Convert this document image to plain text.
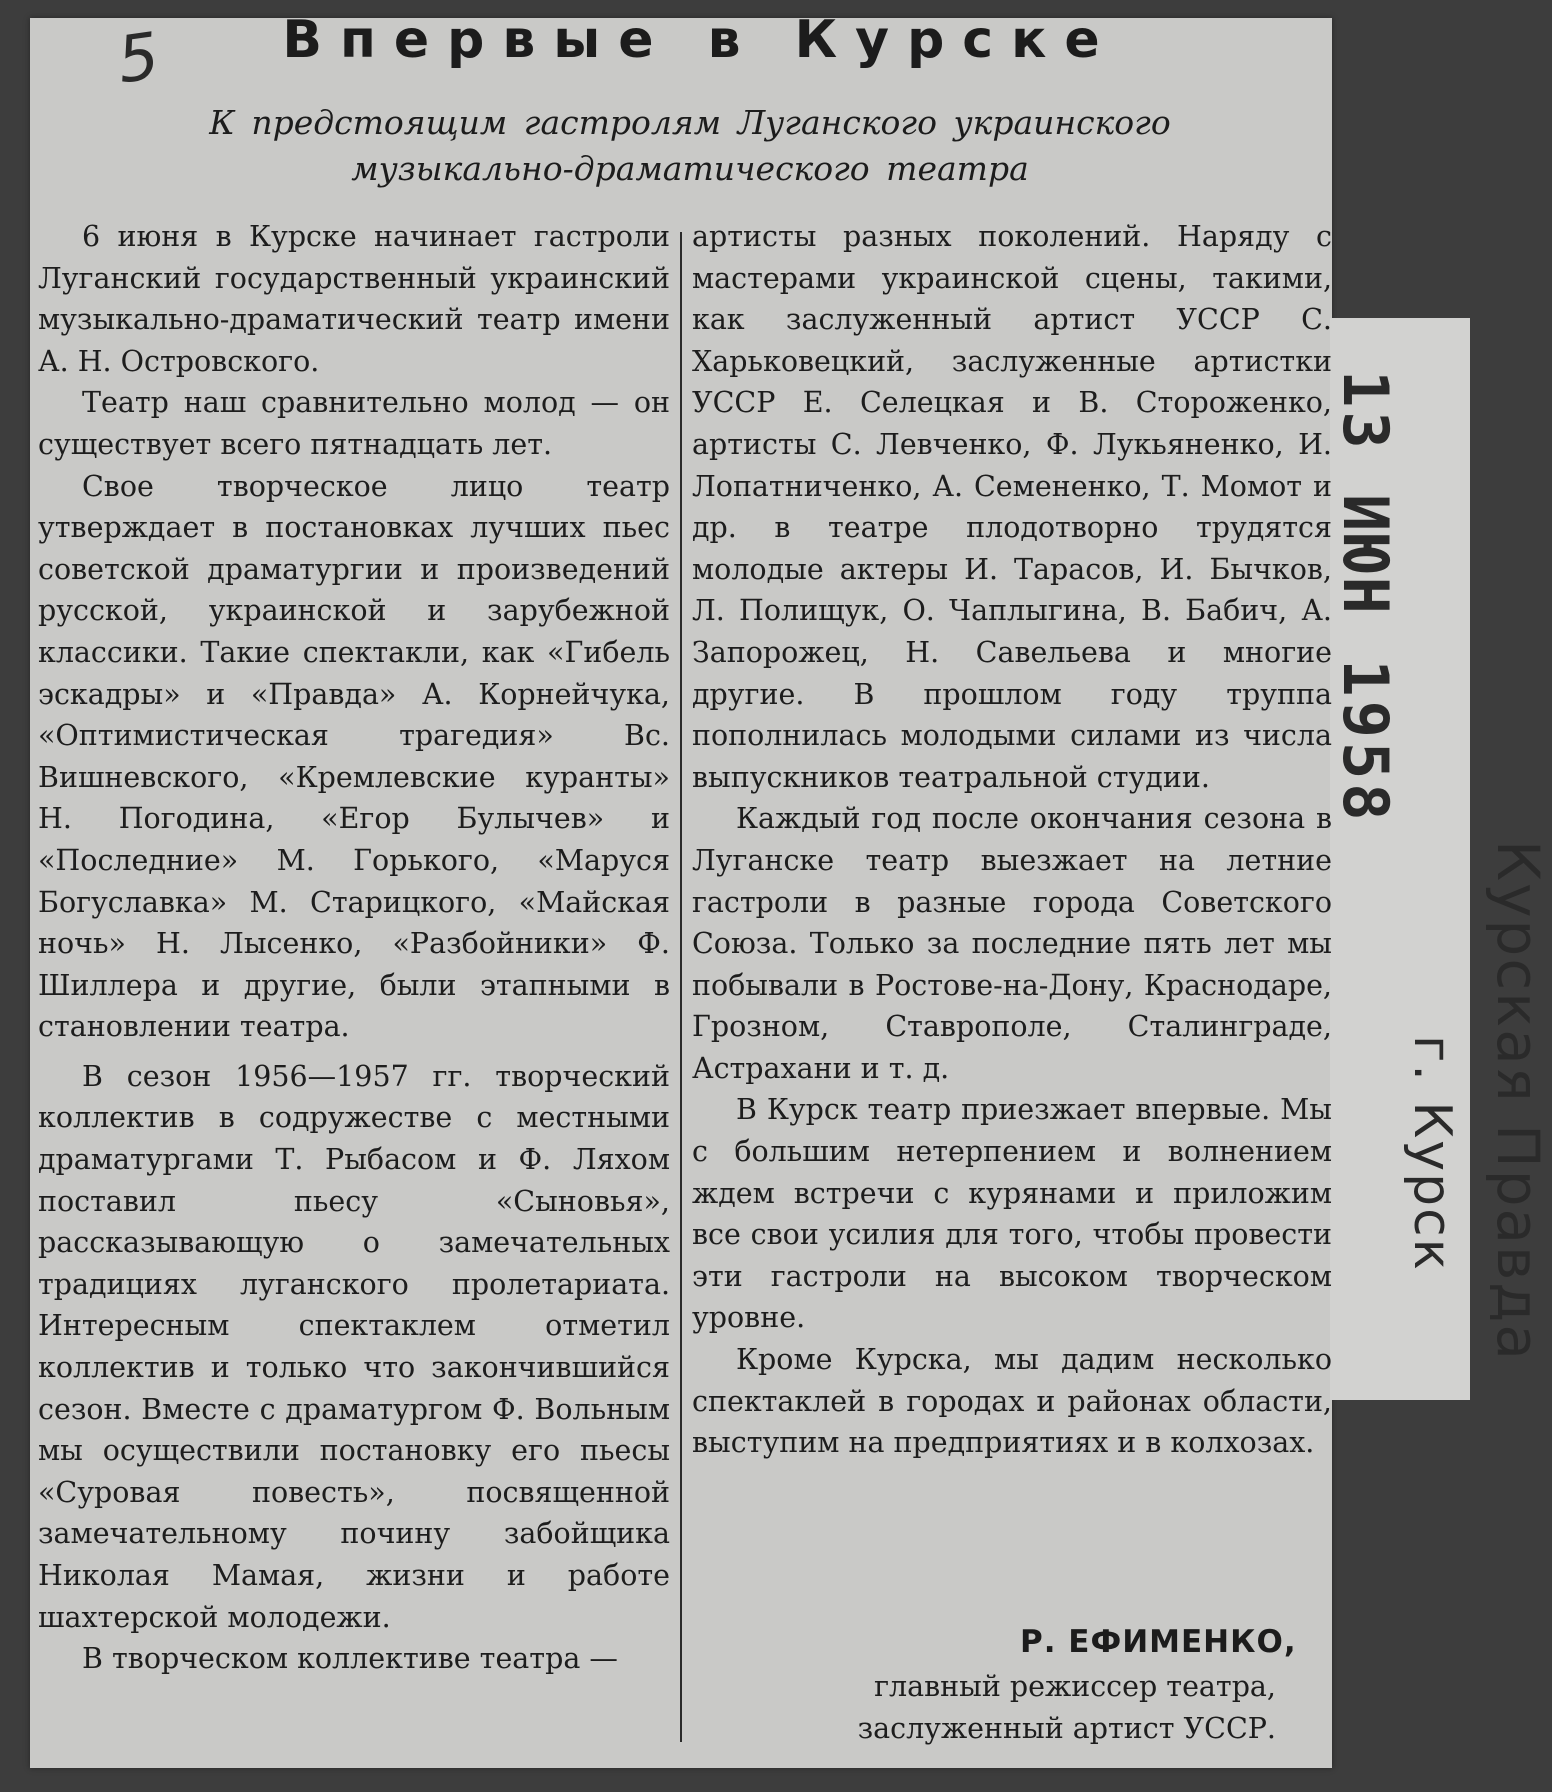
5	Впервые в Курске
К предстоящим гастролям Луганского украинского
музыкально-драматического театра

6 июня в Курске начинает гастроли Луганский государственный украинский музыкально-драматический театр имени А. Н. Островского.

Театр наш сравнительно молод — он существует всего пятнадцать лет.

Свое творческое лицо театр утверждает в постановках лучших пьес советской драматургии и произведений русской, украинской и зарубежной классики. Такие спектакли, как «Гибель эскадры» и «Правда» А. Корнейчука, «Оптимистическая трагедия» Вс. Вишневского, «Кремлевские куранты» Н. Погодина, «Егор Булычев» и «Последние» М. Горького, «Маруся Богуславка» М. Старицкого, «Майская ночь» Н. Лысенко, «Разбойники» Ф. Шиллера и другие, были этапными в становлении театра.

В сезон 1956—1957 гг. творческий коллектив в содружестве с местными драматургами Т. Рыбасом и Ф. Ляхом поставил пьесу «Сыновья», рассказывающую о замечательных традициях луганского пролетариата. Интересным спектаклем отметил коллектив и только что закончившийся сезон. Вместе с драматургом Ф. Вольным мы осуществили постановку его пьесы «Суровая повесть», посвященной замечательному почину забойщика Николая Мамая, жизни и работе шахтерской молодежи.

В творческом коллективе театра —

артисты разных поколений. Наряду с мастерами украинской сцены, такими, как заслуженный артист УССР С. Харьковецкий, заслуженные артистки УССР Е. Селецкая и В. Стороженко, артисты С. Левченко, Ф. Лукьяненко, И. Лопатниченко, А. Семененко, Т. Момот и др. в театре плодотворно трудятся молодые актеры И. Тарасов, И. Бычков, Л. Полищук, О. Чаплыгина, В. Бабич, А. Запорожец, Н. Савельева и многие другие. В прошлом году труппа пополнилась молодыми силами из числа выпускников театральной студии.

Каждый год после окончания сезона в Луганске театр выезжает на летние гастроли в разные города Советского Союза. Только за последние пять лет мы побывали в Ростове-на-Дону, Краснодаре, Грозном, Ставрополе, Сталинграде, Астрахани и т. д.

В Курск театр приезжает впервые. Мы с большим нетерпением и волнением ждем встречи с курянами и приложим все свои усилия для того, чтобы провести эти гастроли на высоком творческом уровне.

Кроме Курска, мы дадим несколько спектаклей в городах и районах области, выступим на предприятиях и в колхозах.

Р. ЕФИМЕНКО,
главный режиссер театра,
заслуженный артист УССР.
13 ИЮН 1958
Курская Правда
г. Курск
